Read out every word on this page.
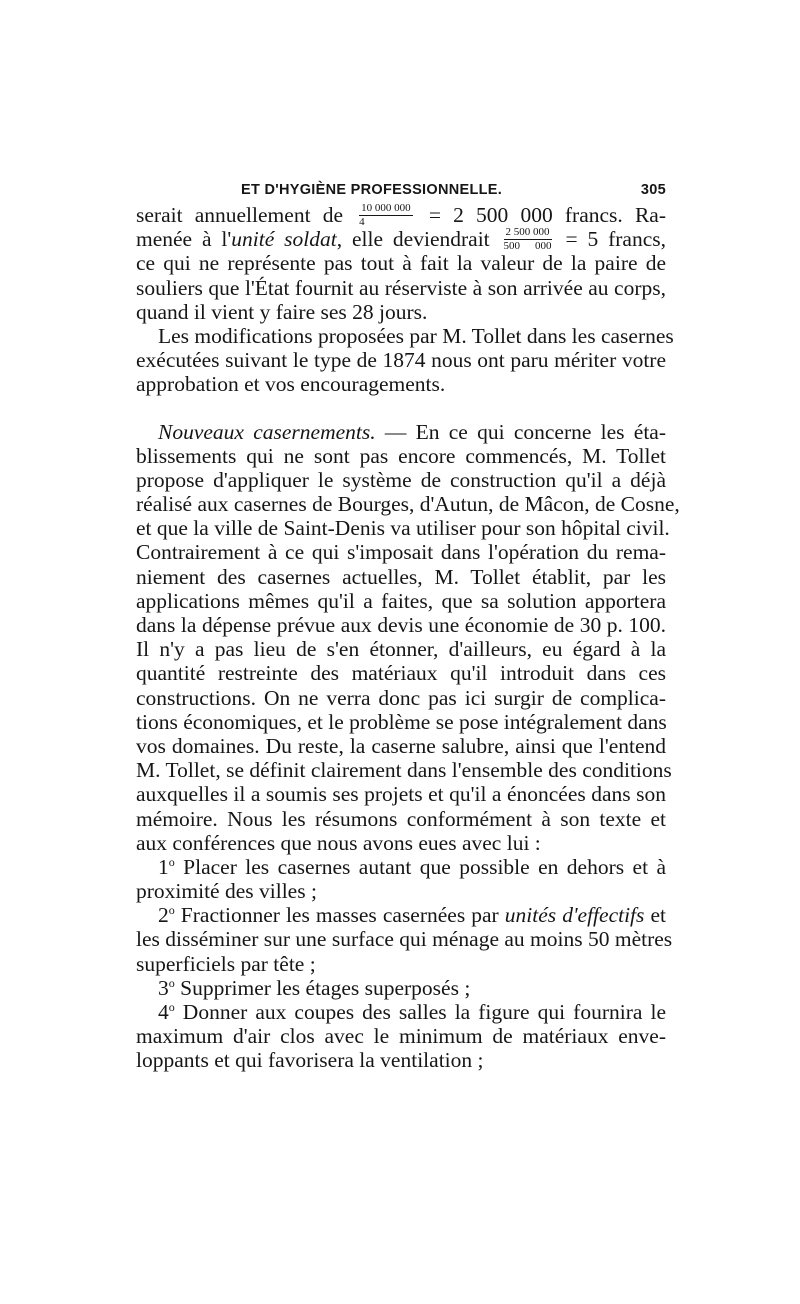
ET D'HYGIÈNE PROFESSIONNELLE.	305
serait annuellement de $\frac{10 000 000}{4} = 2$ 500 000 francs. Ra-
menée à l'unité soldat, elle deviendrait $\frac{2 500 000}{500 000} = 5$ francs,
ce qui ne représente pas tout à fait la valeur de la paire de
souliers que l'État fournit au réserviste à son arrivée au corps,
quand il vient y faire ses 28 jours.
Les modifications proposées par M. Tollet dans les casernes
exécutées suivant le type de 1874 nous ont paru mériter votre
approbation et vos encouragements.
Nouveaux casernements. — En ce qui concerne les éta-
blissements qui ne sont pas encore commencés, M. Tollet
propose d'appliquer le système de construction qu'il a déjà
réalisé aux casernes de Bourges, d'Autun, de Mâcon, de Cosne,
et que la ville de Saint-Denis va utiliser pour son hôpital civil.
Contrairement à ce qui s'imposait dans l'opération du rema-
niement des casernes actuelles, M. Tollet établit, par les
applications mêmes qu'il a faites, que sa solution apportera
dans la dépense prévue aux devis une économie de 30 p. 100.
Il n'y a pas lieu de s'en étonner, d'ailleurs, eu égard à la
quantité restreinte des matériaux qu'il introduit dans ces
constructions. On ne verra donc pas ici surgir de complica-
tions économiques, et le problème se pose intégralement dans
vos domaines. Du reste, la caserne salubre, ainsi que l'entend
M. Tollet, se définit clairement dans l'ensemble des conditions
auxquelles il a soumis ses projets et qu'il a énoncées dans son
mémoire. Nous les résumons conformément à son texte et
aux conférences que nous avons eues avec lui :
1$^o$ Placer les casernes autant que possible en dehors et à
proximité des villes ;
2$^o$ Fractionner les masses casernées par unités d'effectifs et
les disséminer sur une surface qui ménage au moins 50 mètres
superficiels par tête ;
3$^o$ Supprimer les étages superposés ;
4$^o$ Donner aux coupes des salles la figure qui fournira le
maximum d'air clos avec le minimum de matériaux enve-
loppants et qui favorisera la ventilation ;
